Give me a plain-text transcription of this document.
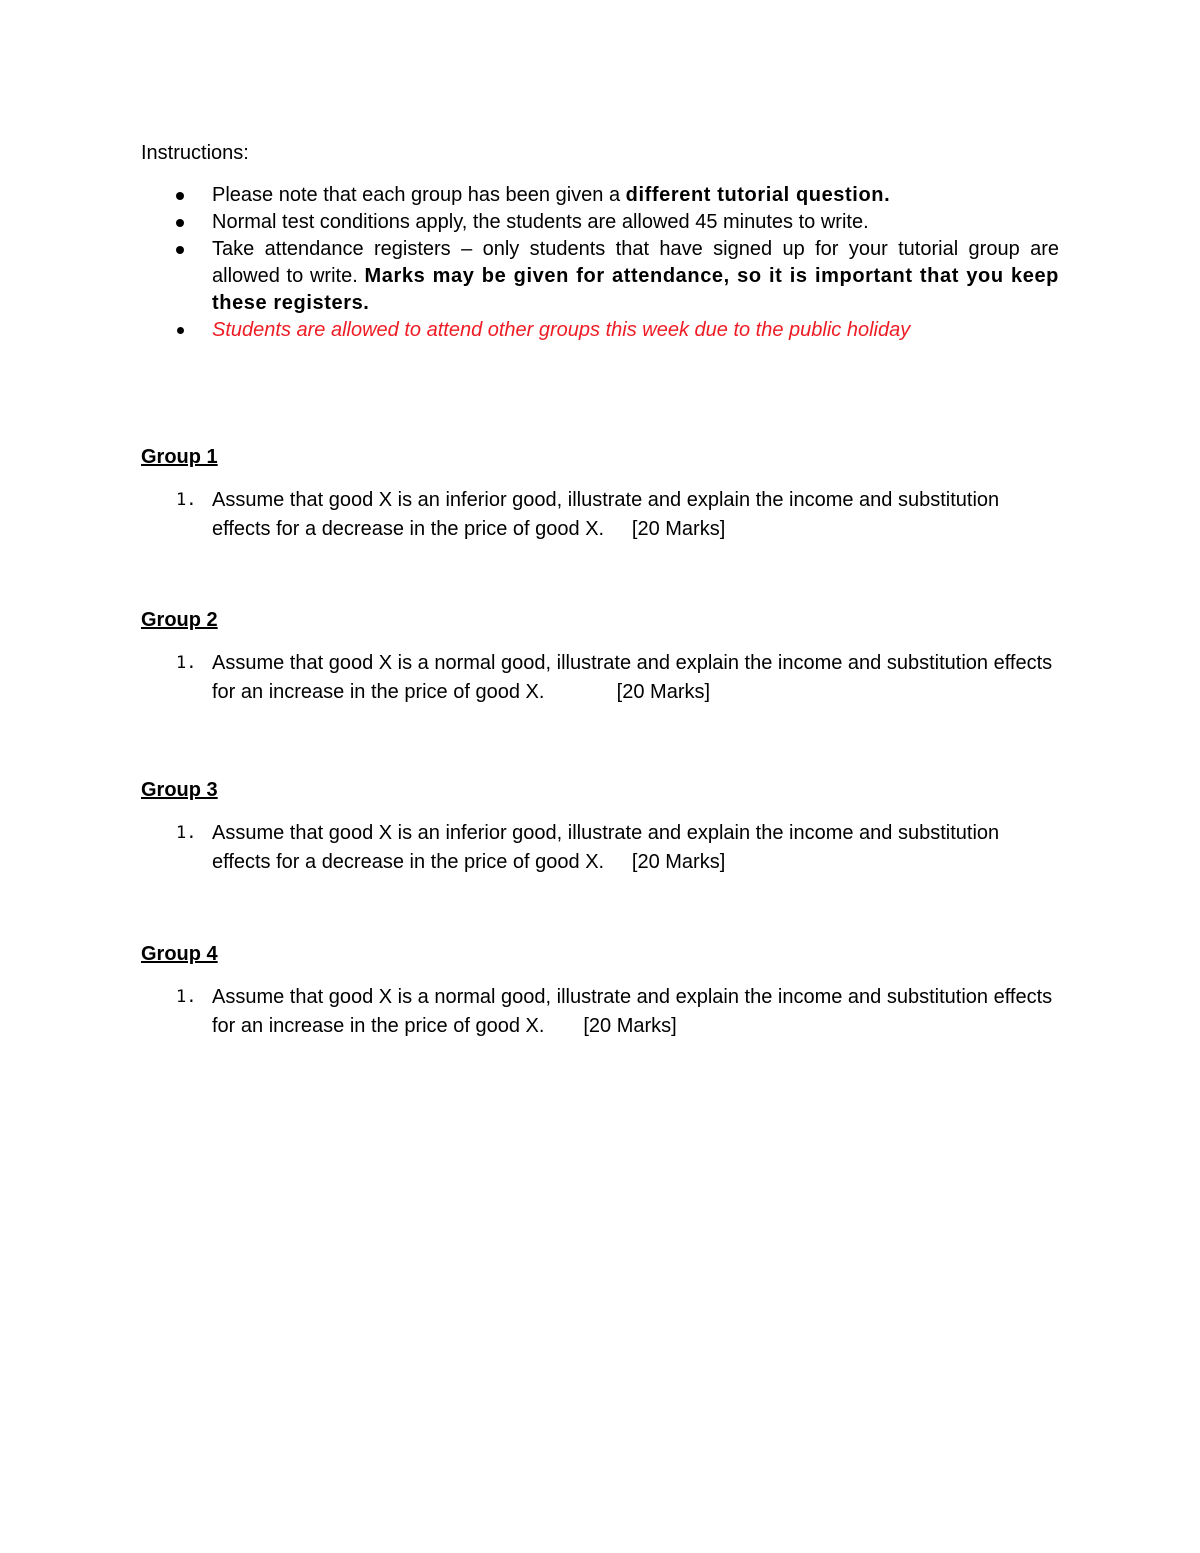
Instructions:

Please note that each group has been given a different tutorial question.
Normal test conditions apply, the students are allowed 45 minutes to write.
Take attendance registers – only students that have signed up for your tutorial group are allowed to write. Marks may be given for attendance, so it is important that you keep these registers.
Students are allowed to attend other groups this week due to the public holiday

Group 1

1. Assume that good X is an inferior good, illustrate and explain the income and substitution effects for a decrease in the price of good X. [20 Marks]

Group 2

1. Assume that good X is a normal good, illustrate and explain the income and substitution effects for an increase in the price of good X.	[20 Marks]

Group 3

1. Assume that good X is an inferior good, illustrate and explain the income and substitution effects for a decrease in the price of good X. [20 Marks]

Group 4

1. Assume that good X is a normal good, illustrate and explain the income and substitution effects for an increase in the price of good X. [20 Marks]
